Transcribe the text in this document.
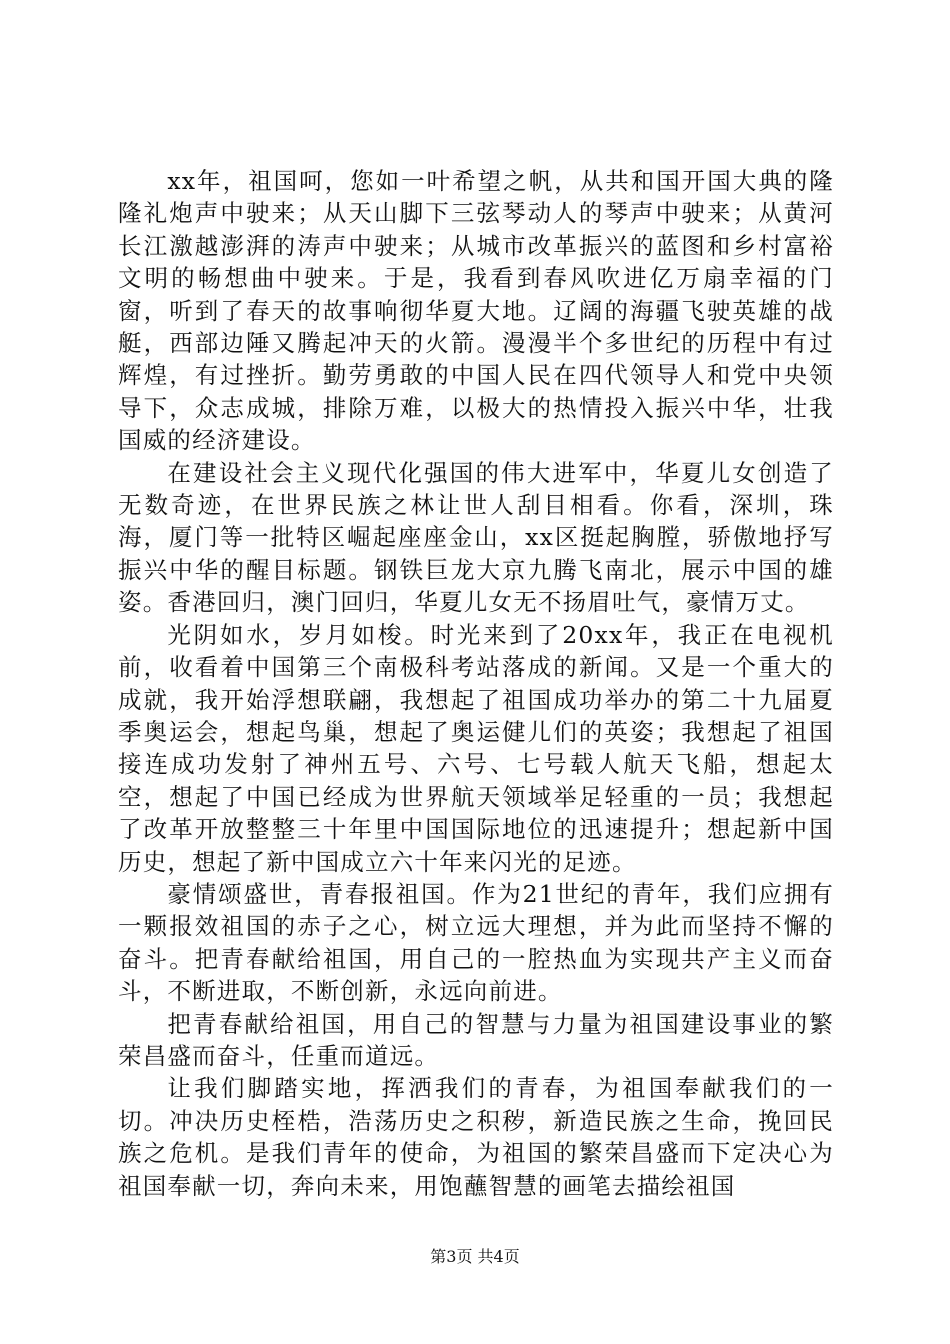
xx年，祖国呵，您如一叶希望之帆，从共和国开国大典的隆隆礼炮声中驶来；从天山脚下三弦琴动人的琴声中驶来；从黄河长江激越澎湃的涛声中驶来；从城市改革振兴的蓝图和乡村富裕文明的畅想曲中驶来。于是，我看到春风吹进亿万扇幸福的门窗，听到了春天的故事响彻华夏大地。辽阔的海疆飞驶英雄的战艇，西部边陲又腾起冲天的火箭。漫漫半个多世纪的历程中有过辉煌，有过挫折。勤劳勇敢的中国人民在四代领导人和党中央领导下，众志成城，排除万难，以极大的热情投入振兴中华，壮我国威的经济建设。

在建设社会主义现代化强国的伟大进军中，华夏儿女创造了无数奇迹，在世界民族之林让世人刮目相看。你看，深圳，珠海，厦门等一批特区崛起座座金山，xx区挺起胸膛，骄傲地抒写振兴中华的醒目标题。钢铁巨龙大京九腾飞南北，展示中国的雄姿。香港回归，澳门回归，华夏儿女无不扬眉吐气，豪情万丈。

光阴如水，岁月如梭。时光来到了20xx年，我正在电视机前，收看着中国第三个南极科考站落成的新闻。又是一个重大的成就，我开始浮想联翩，我想起了祖国成功举办的第二十九届夏季奥运会，想起鸟巢，想起了奥运健儿们的英姿；我想起了祖国接连成功发射了神州五号、六号、七号载人航天飞船，想起太空，想起了中国已经成为世界航天领域举足轻重的一员；我想起了改革开放整整三十年里中国国际地位的迅速提升；想起新中国历史，想起了新中国成立六十年来闪光的足迹。

豪情颂盛世，青春报祖国。作为21世纪的青年，我们应拥有一颗报效祖国的赤子之心，树立远大理想，并为此而坚持不懈的奋斗。把青春献给祖国，用自己的一腔热血为实现共产主义而奋斗，不断进取，不断创新，永远向前进。

把青春献给祖国，用自己的智慧与力量为祖国建设事业的繁荣昌盛而奋斗，任重而道远。

让我们脚踏实地，挥洒我们的青春，为祖国奉献我们的一切。冲决历史桎梏，浩荡历史之积秽，新造民族之生命，挽回民族之危机。是我们青年的使命，为祖国的繁荣昌盛而下定决心为祖国奉献一切，奔向未来，用饱蘸智慧的画笔去描绘祖国

第3页 共4页
